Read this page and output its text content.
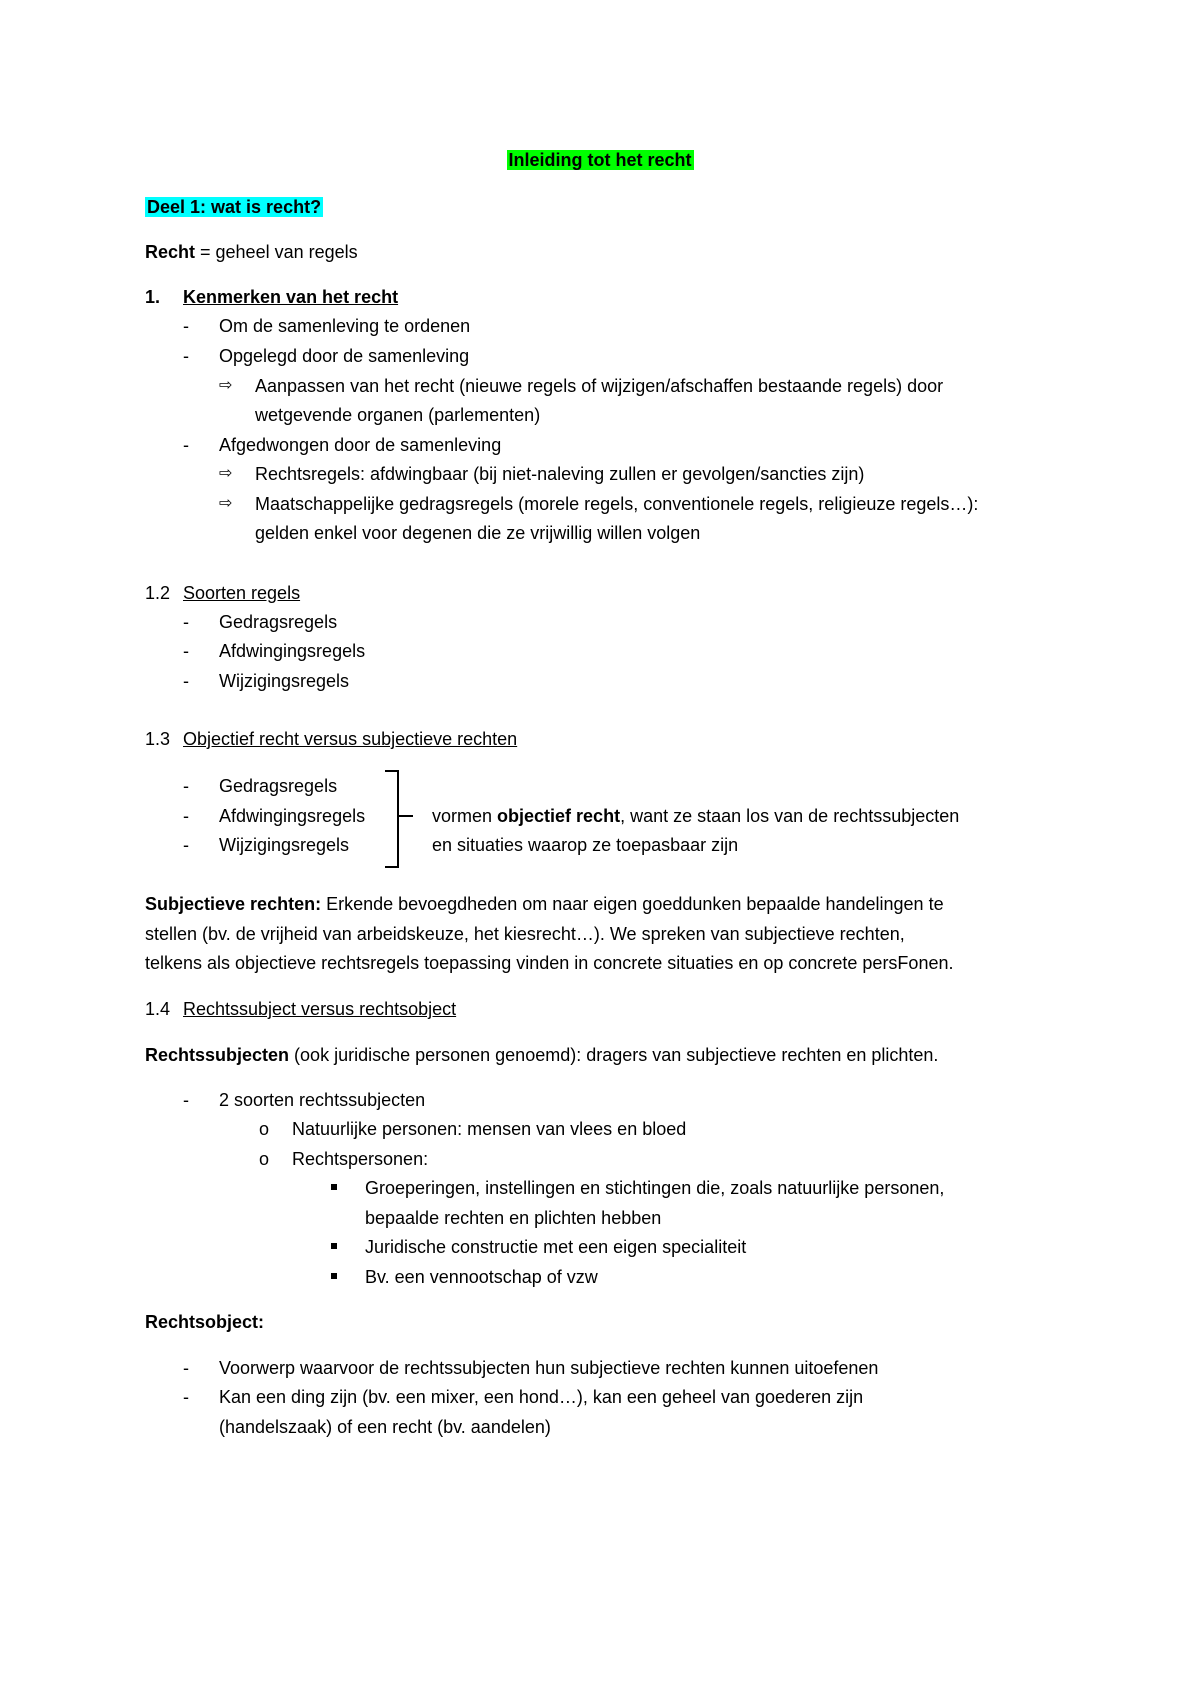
Inleiding tot het recht
Deel 1: wat is recht?
Recht = geheel van regels
1. Kenmerken van het recht
- Om de samenleving te ordenen
- Opgelegd door de samenleving
⇨ Aanpassen van het recht (nieuwe regels of wijzigen/afschaffen bestaande regels) door
wetgevende organen (parlementen)
- Afgedwongen door de samenleving
⇨ Rechtsregels: afdwingbaar (bij niet-naleving zullen er gevolgen/sancties zijn)
⇨ Maatschappelijke gedragsregels (morele regels, conventionele regels, religieuze regels…):
gelden enkel voor degenen die ze vrijwillig willen volgen
1.2 Soorten regels
- Gedragsregels
- Afdwingingsregels
- Wijzigingsregels
1.3 Objectief recht versus subjectieve rechten
- Gedragsregels
- Afdwingingsregels
- Wijzigingsregels
vormen objectief recht, want ze staan los van de rechtssubjecten
en situaties waarop ze toepasbaar zijn
Subjectieve rechten: Erkende bevoegdheden om naar eigen goeddunken bepaalde handelingen te
stellen (bv. de vrijheid van arbeidskeuze, het kiesrecht…). We spreken van subjectieve rechten,
telkens als objectieve rechtsregels toepassing vinden in concrete situaties en op concrete persFonen.
1.4 Rechtssubject versus rechtsobject
Rechtssubjecten (ook juridische personen genoemd): dragers van subjectieve rechten en plichten.
- 2 soorten rechtssubjecten
o Natuurlijke personen: mensen van vlees en bloed
o Rechtspersonen:
Groeperingen, instellingen en stichtingen die, zoals natuurlijke personen,
bepaalde rechten en plichten hebben
Juridische constructie met een eigen specialiteit
Bv. een vennootschap of vzw
Rechtsobject:
- Voorwerp waarvoor de rechtssubjecten hun subjectieve rechten kunnen uitoefenen
- Kan een ding zijn (bv. een mixer, een hond…), kan een geheel van goederen zijn
(handelszaak) of een recht (bv. aandelen)
